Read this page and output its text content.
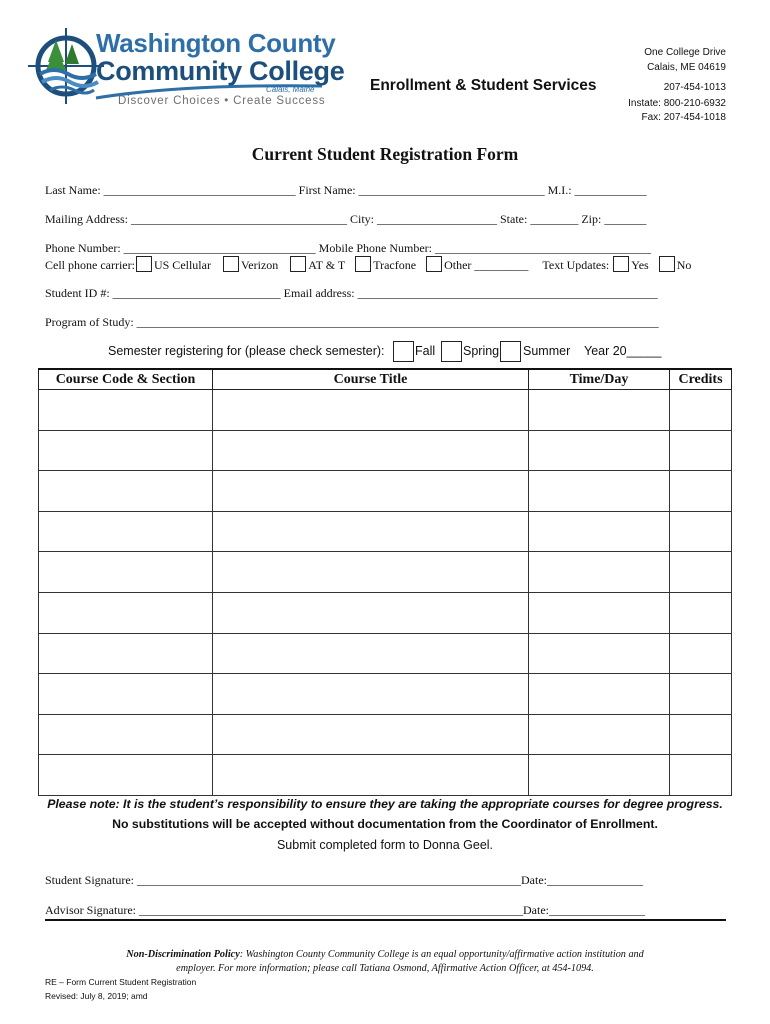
Washington County
Community College
Calais, Maine
Discover Choices • Create Success
Enrollment & Student Services
One College Drive
Calais, ME 04619
207-454-1013
Instate: 800-210-6932
Fax: 207-454-1018
Current Student Registration Form
Last Name: ________________________________ First Name: _______________________________ M.I.: ____________
Mailing Address: ____________________________________ City: ____________________ State: ________ Zip: _______
Phone Number: ________________________________ Mobile Phone Number: ____________________________________
Cell phone carrier: US Cellular	Verizon	AT & T Tracfone Other _________ Text Updates: Yes No
Student ID #: ____________________________ Email address: __________________________________________________
Program of Study: _______________________________________________________________________________________
Semester registering for (please check semester): Fall Spring Summer Year 20_____
Course Code & Section	Course Title	Time/Day	Credits

Please note: It is the student’s responsibility to ensure they are taking the appropriate courses for degree progress.
No substitutions will be accepted without documentation from the Coordinator of Enrollment.
Submit completed form to Donna Geel.
Student Signature: ________________________________________________________________Date:________________
Advisor Signature: ________________________________________________________________Date:________________
Non-Discrimination Policy: Washington County Community College is an equal opportunity/affirmative action institution and
employer. For more information; please call Tatiana Osmond, Affirmative Action Officer, at 454-1094.
RE – Form Current Student Registration
Revised: July 8, 2019; amd
